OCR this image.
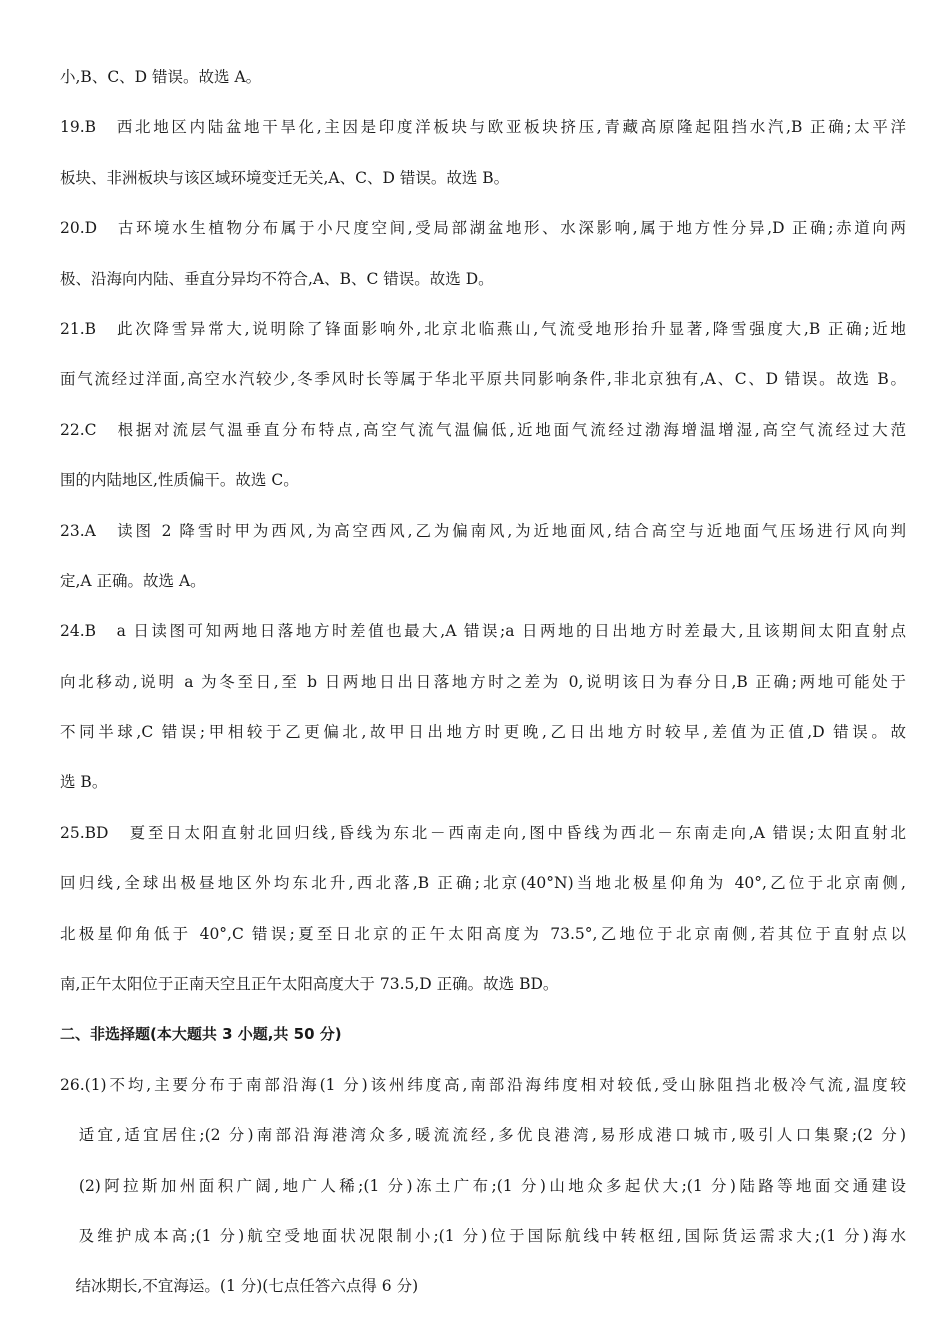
小,B、C、D 错误。故选 A。
19.B　西北地区内陆盆地干旱化,主因是印度洋板块与欧亚板块挤压,青藏高原隆起阻挡水汽,B 正确;太平洋
板块、非洲板块与该区域环境变迁无关,A、C、D 错误。故选 B。
20.D　古环境水生植物分布属于小尺度空间,受局部湖盆地形、水深影响,属于地方性分异,D 正确;赤道向两
极、沿海向内陆、垂直分异均不符合,A、B、C 错误。故选 D。
21.B　此次降雪异常大,说明除了锋面影响外,北京北临燕山,气流受地形抬升显著,降雪强度大,B 正确;近地
面气流经过洋面,高空水汽较少,冬季风时长等属于华北平原共同影响条件,非北京独有,A、C、D 错误。故选 B。
22.C　根据对流层气温垂直分布特点,高空气流气温偏低,近地面气流经过渤海增温增湿,高空气流经过大范
围的内陆地区,性质偏干。故选 C。
23.A　读图 2 降雪时甲为西风,为高空西风,乙为偏南风,为近地面风,结合高空与近地面气压场进行风向判
定,A 正确。故选 A。
24.B　a 日读图可知两地日落地方时差值也最大,A 错误;a 日两地的日出地方时差最大,且该期间太阳直射点
向北移动,说明 a 为冬至日,至 b 日两地日出日落地方时之差为 0,说明该日为春分日,B 正确;两地可能处于
不同半球,C 错误;甲相较于乙更偏北,故甲日出地方时更晚,乙日出地方时较早,差值为正值,D 错误。故
选 B。
25.BD　夏至日太阳直射北回归线,昏线为东北－西南走向,图中昏线为西北－东南走向,A 错误;太阳直射北
回归线,全球出极昼地区外均东北升,西北落,B 正确;北京(40°N)当地北极星仰角为 40°,乙位于北京南侧,
北极星仰角低于 40°,C 错误;夏至日北京的正午太阳高度为 73.5°,乙地位于北京南侧,若其位于直射点以
南,正午太阳位于正南天空且正午太阳高度大于 73.5,D 正确。故选 BD。
二、非选择题(本大题共 3 小题,共 50 分)
26.(1)不均,主要分布于南部沿海(1 分)该州纬度高,南部沿海纬度相对较低,受山脉阻挡北极冷气流,温度较
　适宜,适宜居住;(2 分)南部沿海港湾众多,暖流流经,多优良港湾,易形成港口城市,吸引人口集聚;(2 分)
　(2)阿拉斯加州面积广阔,地广人稀;(1 分)冻土广布;(1 分)山地众多起伏大;(1 分)陆路等地面交通建设
　及维护成本高;(1 分)航空受地面状况限制小;(1 分)位于国际航线中转枢纽,国际货运需求大;(1 分)海水
　结冰期长,不宜海运。(1 分)(七点任答六点得 6 分)
